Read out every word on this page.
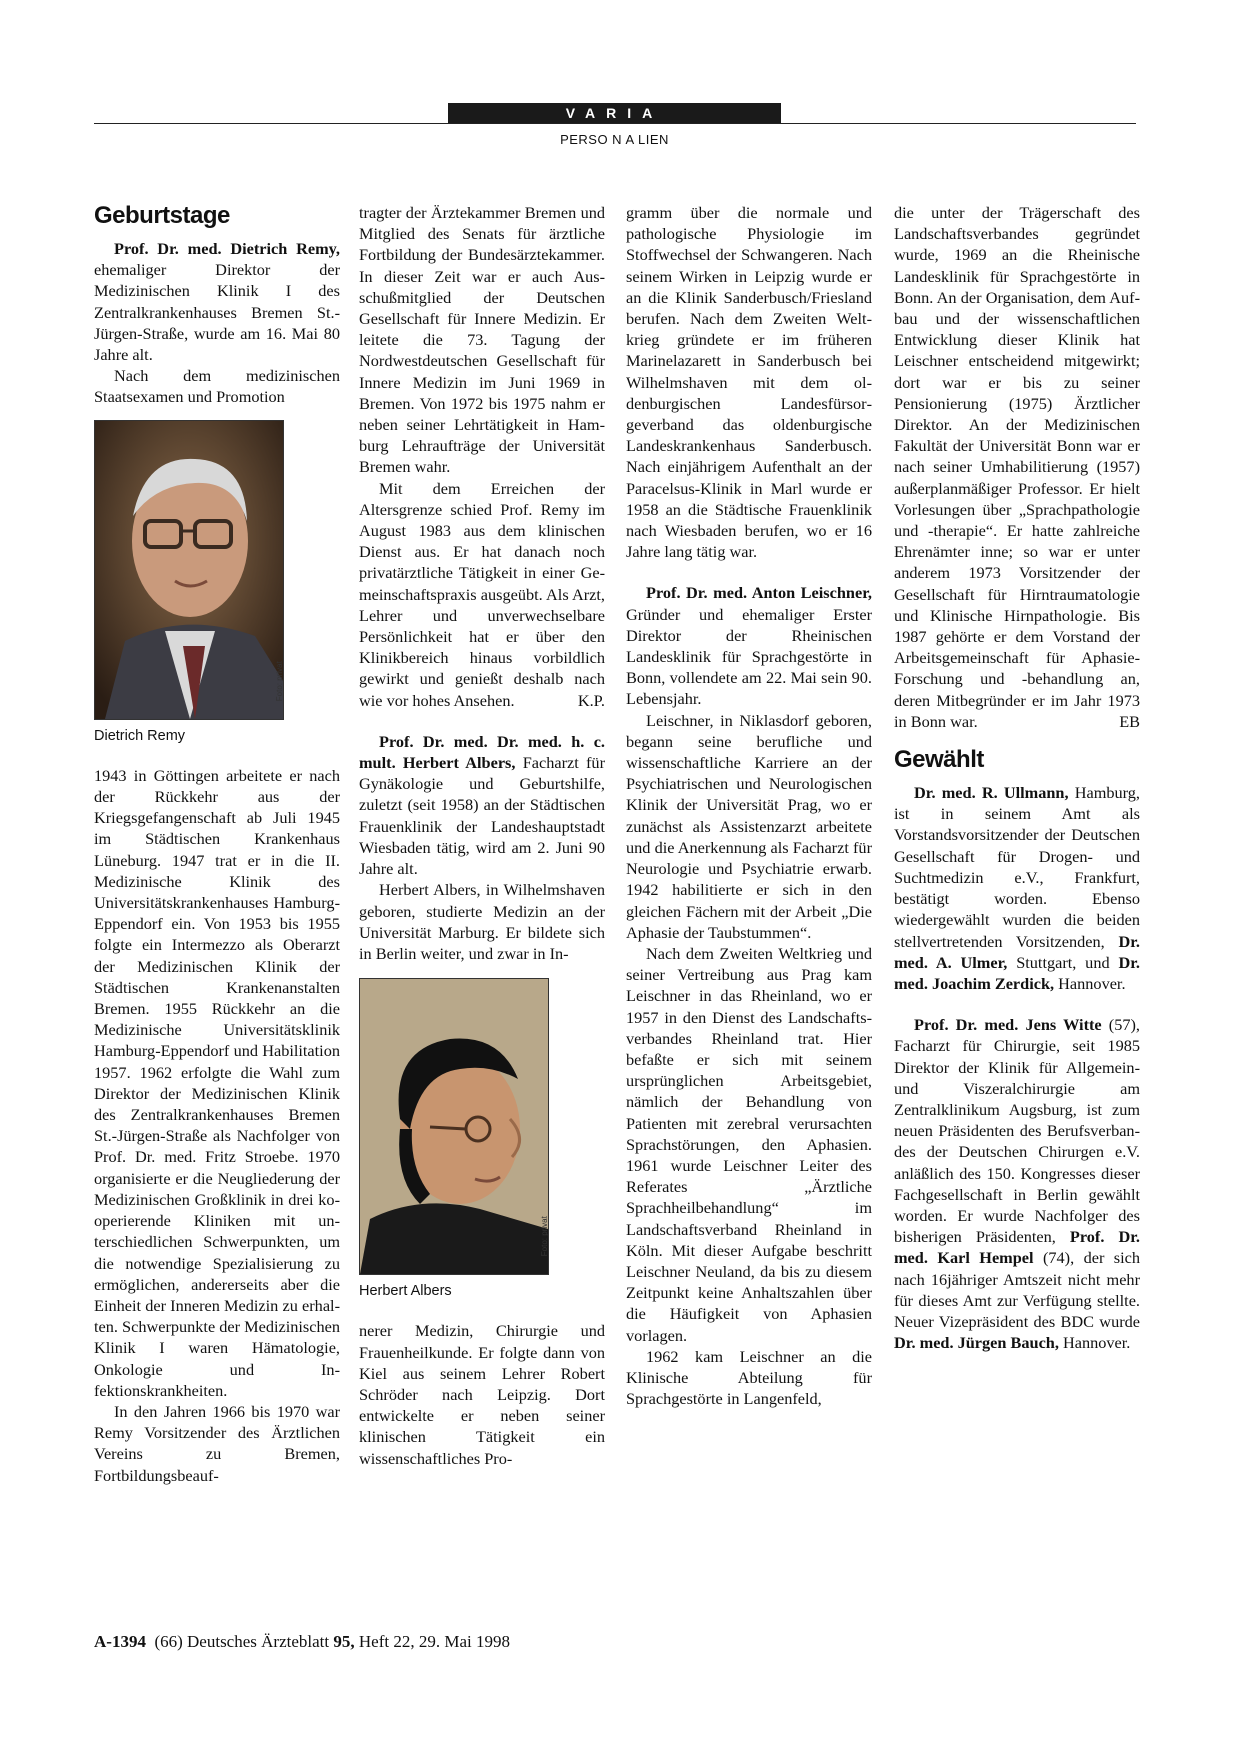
VARIA
PERSO N A LIEN
Geburtstage

Prof. Dr. med. Dietrich Remy, ehemaliger Direktor der Medizinischen Klinik I des Zentralkrankenhauses Bremen St.-Jürgen-Straße, wurde am 16. Mai 80 Jahre alt.

Nach dem medizinischen Staatsexamen und Promotion

Foto: privat
Dietrich Remy

1943 in Göttingen arbeitete er nach der Rückkehr aus der Kriegsgefangenschaft ab Juli 1945 im Städtischen Krankenhaus Lüneburg. 1947 trat er in die II. Medizinische Klinik des Universitätskrankenhauses Hamburg-Eppendorf ein. Von 1953 bis 1955 folgte ein Intermezzo als Oberarzt der Medizinischen Klinik der Städtischen Krankenanstalten Bremen. 1955 Rückkehr an die Medizinische Universitätsklinik Hamburg-Eppendorf und Habilitation 1957. 1962 erfolgte die Wahl zum Direktor der Medizinischen Klinik des Zentralkrankenhauses Bremen St.-Jürgen-Straße als Nachfolger von Prof. Dr. med. Fritz Stroebe. 1970 organisierte er die Neugliederung der Medizinischen Großklinik in drei kooperierende Kliniken mit unterschiedlichen Schwerpunkten, um die notwendige Spezialisierung zu ermöglichen, andererseits aber die Einheit der Inneren Medizin zu erhalten. Schwerpunkte der Medizinischen Klinik I waren Hämatologie, Onkologie und Infektionskrankheiten.

In den Jahren 1966 bis 1970 war Remy Vorsitzender des Ärztlichen Vereins zu Bremen, Fortbildungsbeauf-

tragter der Ärztekammer Bremen und Mitglied des Senats für ärztliche Fortbildung der Bundesärztekammer. In dieser Zeit war er auch Ausschußmitglied der Deutschen Gesellschaft für Innere Medizin. Er leitete die 73. Tagung der Nordwestdeutschen Gesellschaft für Innere Medizin im Juni 1969 in Bremen. Von 1972 bis 1975 nahm er neben seiner Lehrtätigkeit in Hamburg Lehraufträge der Universität Bremen wahr.

Mit dem Erreichen der Altersgrenze schied Prof. Remy im August 1983 aus dem klinischen Dienst aus. Er hat danach noch privatärztliche Tätigkeit in einer Gemeinschaftspraxis ausgeübt. Als Arzt, Lehrer und unverwechselbare Persönlichkeit hat er über den Klinikbereich hinaus vorbildlich gewirkt und genießt deshalb nach wie vor hohes Ansehen.	K.P.

Prof. Dr. med. Dr. med. h. c. mult. Herbert Albers, Facharzt für Gynäkologie und Geburtshilfe, zuletzt (seit 1958) an der Städtischen Frauenklinik der Landeshauptstadt Wiesbaden tätig, wird am 2. Juni 90 Jahre alt.

Herbert Albers, in Wilhelmshaven geboren, studierte Medizin an der Universität Marburg. Er bildete sich in Berlin weiter, und zwar in In-

Foto: privat
Herbert Albers

nerer Medizin, Chirurgie und Frauenheilkunde. Er folgte dann von Kiel aus seinem Lehrer Robert Schröder nach Leipzig. Dort entwickelte er neben seiner klinischen Tätigkeit ein wissenschaftliches Pro-

gramm über die normale und pathologische Physiologie im Stoffwechsel der Schwangeren. Nach seinem Wirken in Leipzig wurde er an die Klinik Sanderbusch/Friesland berufen. Nach dem Zweiten Weltkrieg gründete er im früheren Marinelazarett in Sanderbusch bei Wilhelmshaven mit dem oldenburgischen Landesfürsorgeverband das oldenburgische Landeskrankenhaus Sanderbusch. Nach einjährigem Aufenthalt an der Paracelsus-Klinik in Marl wurde er 1958 an die Städtische Frauenklinik nach Wiesbaden berufen, wo er 16 Jahre lang tätig war.

Prof. Dr. med. Anton Leischner, Gründer und ehemaliger Erster Direktor der Rheinischen Landesklinik für Sprachgestörte in Bonn, vollendete am 22. Mai sein 90. Lebensjahr.

Leischner, in Niklasdorf geboren, begann seine berufliche und wissenschaftliche Karriere an der Psychiatrischen und Neurologischen Klinik der Universität Prag, wo er zunächst als Assistenzarzt arbeitete und die Anerkennung als Facharzt für Neurologie und Psychiatrie erwarb. 1942 habilitierte er sich in den gleichen Fächern mit der Arbeit „Die Aphasie der Taubstummen“.

Nach dem Zweiten Weltkrieg und seiner Vertreibung aus Prag kam Leischner in das Rheinland, wo er 1957 in den Dienst des Landschaftsverbandes Rheinland trat. Hier befaßte er sich mit seinem ursprünglichen Arbeitsgebiet, nämlich der Behandlung von Patienten mit zerebral verursachten Sprachstörungen, den Aphasien. 1961 wurde Leischner Leiter des Referates „Ärztliche Sprachheilbehandlung“ im Landschaftsverband Rheinland in Köln. Mit dieser Aufgabe beschritt Leischner Neuland, da bis zu diesem Zeitpunkt keine Anhaltszahlen über die Häufigkeit von Aphasien vorlagen.

1962 kam Leischner an die Klinische Abteilung für Sprachgestörte in Langenfeld,

die unter der Trägerschaft des Landschaftsverbandes gegründet wurde, 1969 an die Rheinische Landesklinik für Sprachgestörte in Bonn. An der Organisation, dem Aufbau und der wissenschaftlichen Entwicklung dieser Klinik hat Leischner entscheidend mitgewirkt; dort war er bis zu seiner Pensionierung (1975) Ärztlicher Direktor. An der Medizinischen Fakultät der Universität Bonn war er nach seiner Umhabilitierung (1957) außerplanmäßiger Professor. Er hielt Vorlesungen über „Sprachpathologie und -therapie“. Er hatte zahlreiche Ehrenämter inne; so war er unter anderem 1973 Vorsitzender der Gesellschaft für Hirntraumatologie und Klinische Hirnpathologie. Bis 1987 gehörte er dem Vorstand der Arbeitsgemeinschaft für Aphasie-Forschung und -behandlung an, deren Mitbegründer er im Jahr 1973 in Bonn war.	EB

Gewählt

Dr. med. R. Ullmann, Hamburg, ist in seinem Amt als Vorstandsvorsitzender der Deutschen Gesellschaft für Drogen- und Suchtmedizin e.V., Frankfurt, bestätigt worden. Ebenso wiedergewählt wurden die beiden stellvertretenden Vorsitzenden, Dr. med. A. Ulmer, Stuttgart, und Dr. med. Joachim Zerdick, Hannover.

Prof. Dr. med. Jens Witte (57), Facharzt für Chirurgie, seit 1985 Direktor der Klinik für Allgemein- und Viszeralchirurgie am Zentralklinikum Augsburg, ist zum neuen Präsidenten des Berufsverbandes der Deutschen Chirurgen e.V. anläßlich des 150. Kongresses dieser Fachgesellschaft in Berlin gewählt worden. Er wurde Nachfolger des bisherigen Präsidenten, Prof. Dr. med. Karl Hempel (74), der sich nach 16jähriger Amtszeit nicht mehr für dieses Amt zur Verfügung stellte. Neuer Vizepräsident des BDC wurde Dr. med. Jürgen Bauch, Hannover.

A-1394 (66) Deutsches Ärzteblatt 95, Heft 22, 29. Mai 1998
